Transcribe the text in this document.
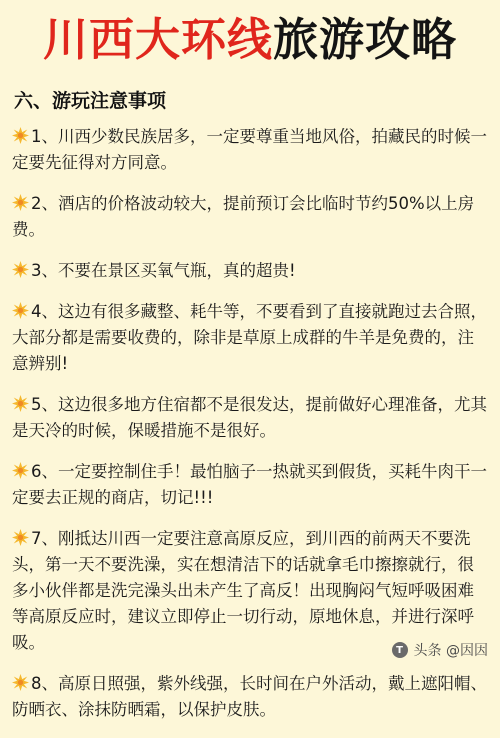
川西大环线 旅游攻略
六、游玩注意事项

1、川西少数民族居多，一定要尊重当地风俗，拍藏民的时候一定要先征得对方同意。

2、酒店的价格波动较大，提前预订会比临时节约50%以上房费。

3、不要在景区买氧气瓶，真的超贵!

4、这边有很多藏整、耗牛等，不要看到了直接就跑过去合照，大部分都是需要收费的，除非是草原上成群的牛羊是免费的，注意辨别!

5、这边很多地方住宿都不是很发达，提前做好心理准备，尤其是天冷的时候，保暖措施不是很好。

6、一定要控制住手！最怕脑子一热就买到假货，买耗牛肉干一定要去正规的商店，切记!!!

7、刚抵达川西一定要注意高原反应，到川西的前两天不要洗头，第一天不要洗澡，实在想清洁下的话就拿毛巾擦擦就行，很多小伙伴都是洗完澡头出未产生了高反！出现胸闷气短呼吸困难等高原反应时，建议立即停止一切行动，原地休息，并进行深呼吸。

8、高原日照强，紫外线强，长时间在户外活动，戴上遮阳帽、防晒衣、涂抹防晒霜，以保护皮肤。

T 头条 @因因
